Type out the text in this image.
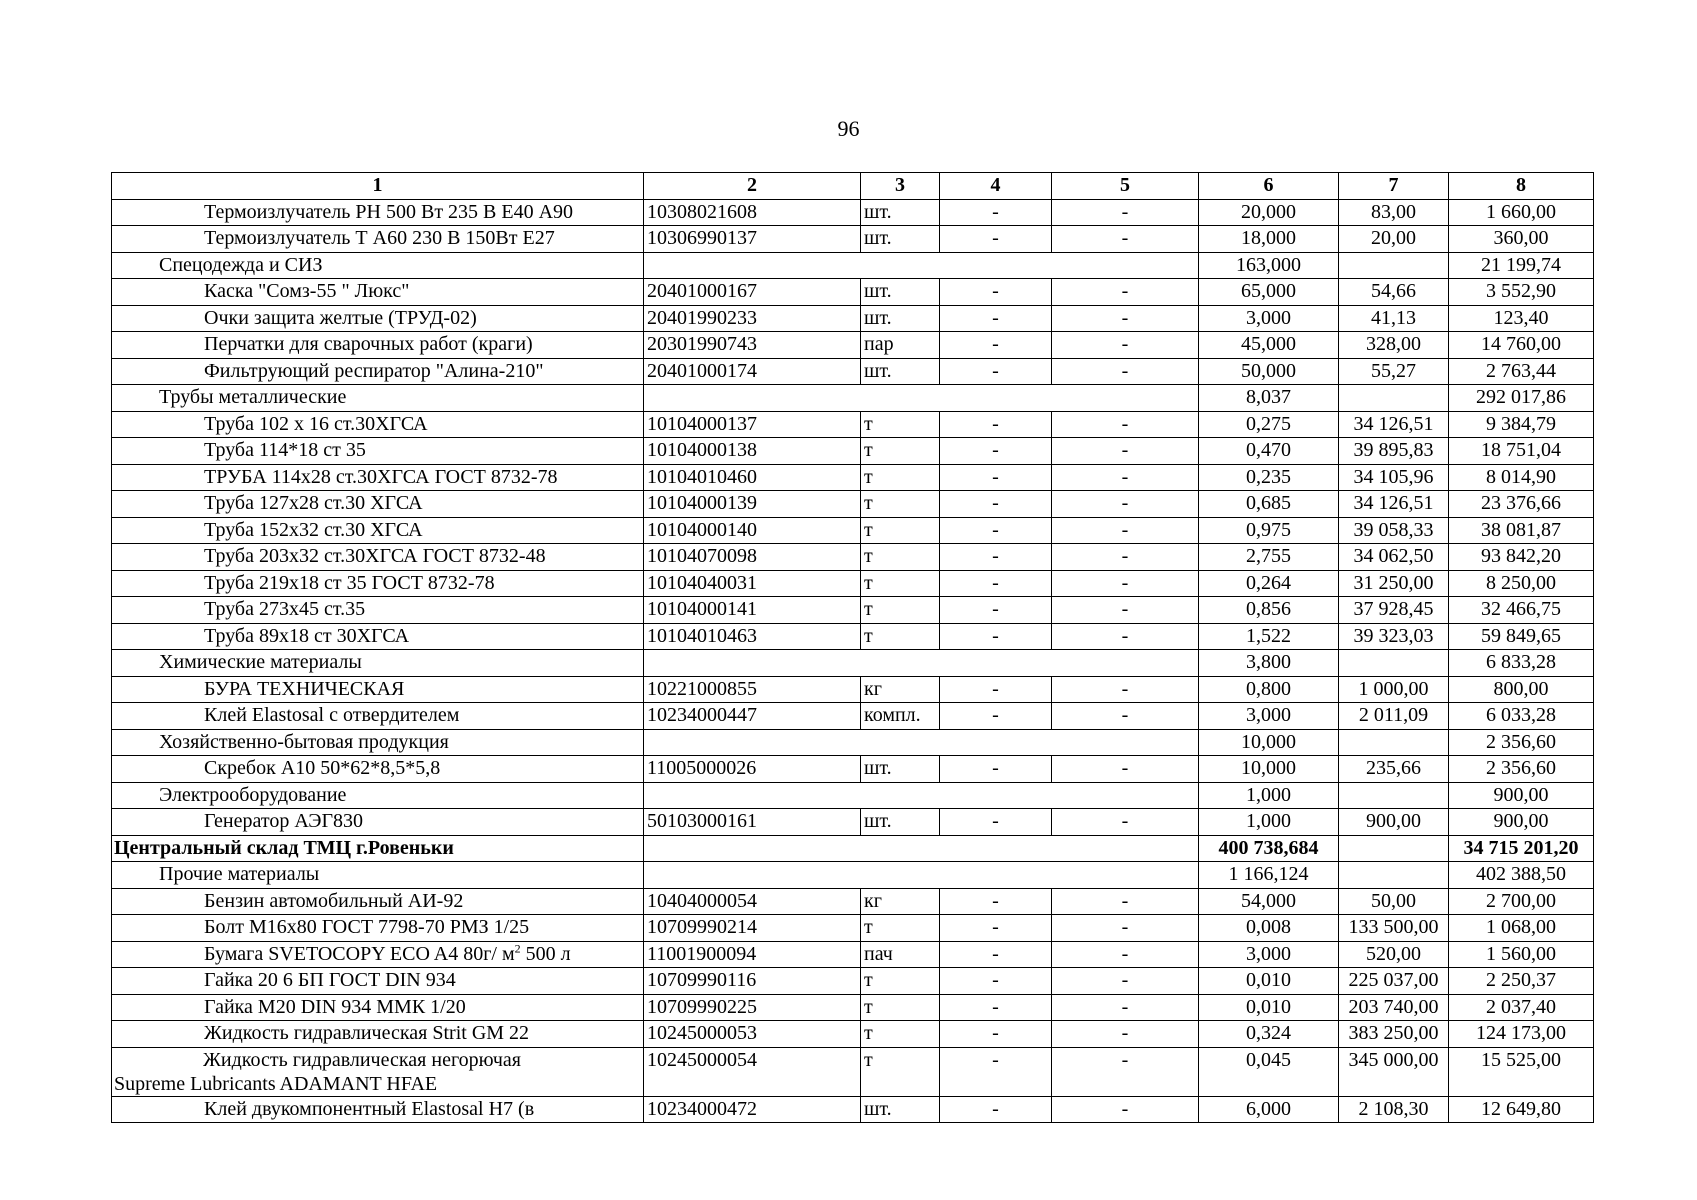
96
1	2	3	4	5	6	7	8
Термоизлучатель РН 500 Вт 235 В Е40 А90	10308021608	шт.	-	-	20,000	83,00	1 660,00
Термоизлучатель Т А60 230 В 150Вт Е27	10306990137	шт.	-	-	18,000	20,00	360,00
Спецодежда и СИЗ					163,000		21 199,74
Каска "Сомз-55 " Люкс"	20401000167	шт.	-	-	65,000	54,66	3 552,90
Очки защита желтые (ТРУД-02)	20401990233	шт.	-	-	3,000	41,13	123,40
Перчатки для сварочных работ (краги)	20301990743	пар	-	-	45,000	328,00	14 760,00
Фильтрующий респиратор "Алина-210"	20401000174	шт.	-	-	50,000	55,27	2 763,44
Трубы металлические					8,037		292 017,86
Труба 102 х 16 ст.30ХГСА	10104000137	т	-	-	0,275	34 126,51	9 384,79
Труба 114*18 ст 35	10104000138	т	-	-	0,470	39 895,83	18 751,04
ТРУБА 114х28 ст.30ХГСА ГОСТ 8732-78	10104010460	т	-	-	0,235	34 105,96	8 014,90
Труба 127х28 ст.30 ХГСА	10104000139	т	-	-	0,685	34 126,51	23 376,66
Труба 152х32 ст.30 ХГСА	10104000140	т	-	-	0,975	39 058,33	38 081,87
Труба 203х32 ст.30ХГСА ГОСТ 8732-48	10104070098	т	-	-	2,755	34 062,50	93 842,20
Труба 219х18 ст 35 ГОСТ 8732-78	10104040031	т	-	-	0,264	31 250,00	8 250,00
Труба 273х45 ст.35	10104000141	т	-	-	0,856	37 928,45	32 466,75
Труба 89х18 ст 30ХГСА	10104010463	т	-	-	1,522	39 323,03	59 849,65
Химические материалы					3,800		6 833,28
БУРА ТЕХНИЧЕСКАЯ	10221000855	кг	-	-	0,800	1 000,00	800,00
Клей Elastosal с отвердителем	10234000447	компл.	-	-	3,000	2 011,09	6 033,28
Хозяйственно-бытовая продукция					10,000		2 356,60
Скребок А10 50*62*8,5*5,8	11005000026	шт.	-	-	10,000	235,66	2 356,60
Электрооборудование					1,000		900,00
Генератор АЭГ830	50103000161	шт.	-	-	1,000	900,00	900,00
Центральный склад ТМЦ г.Ровеньки					400 738,684		34 715 201,20
Прочие материалы					1 166,124		402 388,50
Бензин автомобильный АИ-92	10404000054	кг	-	-	54,000	50,00	2 700,00
Болт М16х80 ГОСТ 7798-70 РМЗ 1/25	10709990214	т	-	-	0,008	133 500,00	1 068,00
Бумага SVETOCOPY ECO A4 80г/ $м^2$ 500 л	11001900094	пач	-	-	3,000	520,00	1 560,00
Гайка 20 6 БП ГОСТ DIN 934	10709990116	т	-	-	0,010	225 037,00	2 250,37
Гайка М20 DIN 934 ММК 1/20	10709990225	т	-	-	0,010	203 740,00	2 037,40
Жидкость гидравлическая Strit GM 22	10245000053	т	-	-	0,324	383 250,00	124 173,00

Жидкость гидравлическая негорючая
Supreme Lubricants ADAMANT HFAE	10245000054	т	-	-	0,045	345 000,00	15 525,00
Клей двукомпонентный Elastosal H7 (в	10234000472	шт.	-	-	6,000	2 108,30	12 649,80
